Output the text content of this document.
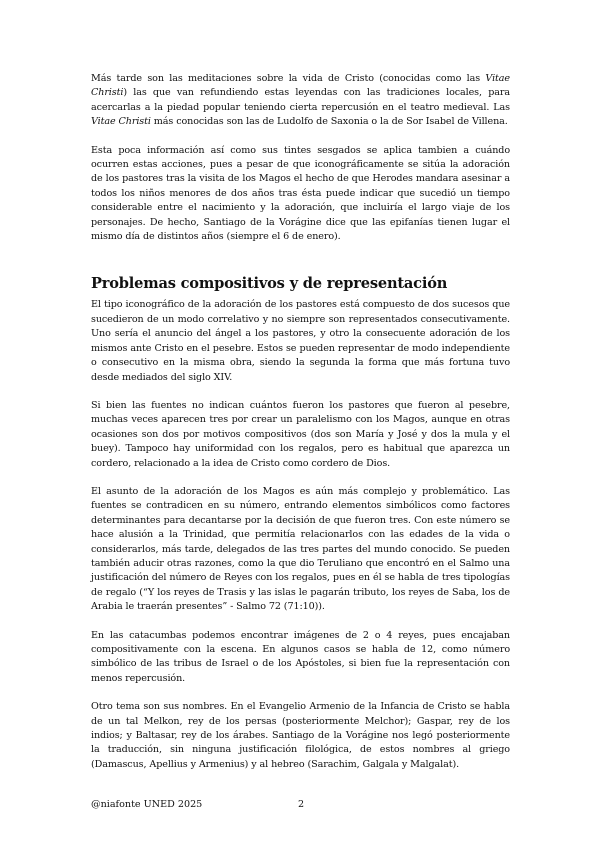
Más tarde son las meditaciones sobre la vida de Cristo (conocidas como las Vitae Christi) las que van refundiendo estas leyendas con las tradiciones locales, para acercarlas a la piedad popular teniendo cierta repercusión en el teatro medieval. Las Vitae Christi más conocidas son las de Ludolfo de Saxonia o la de Sor Isabel de Villena.

Esta poca información así como sus tintes sesgados se aplica tambien a cuándo ocurren estas acciones, pues a pesar de que iconográficamente se sitúa la adoración de los pastores tras la visita de los Magos el hecho de que Herodes mandara asesinar a todos los niños menores de dos años tras ésta puede indicar que sucedió un tiempo considerable entre el nacimiento y la adoración, que incluiría el largo viaje de los personajes. De hecho, Santiago de la Vorágine dice que las epifanías tienen lugar el mismo día de distintos años (siempre el 6 de enero).

Problemas compositivos y de representación

El tipo iconográfico de la adoración de los pastores está compuesto de dos sucesos que sucedieron de un modo correlativo y no siempre son representados consecutivamente. Uno sería el anuncio del ángel a los pastores, y otro la consecuente adoración de los mismos ante Cristo en el pesebre. Estos se pueden representar de modo independiente o consecutivo en la misma obra, siendo la segunda la forma que más fortuna tuvo desde mediados del siglo XIV.

Si bien las fuentes no indican cuántos fueron los pastores que fueron al pesebre, muchas veces aparecen tres por crear un paralelismo con los Magos, aunque en otras ocasiones son dos por motivos compositivos (dos son María y José y dos la mula y el buey). Tampoco hay uniformidad con los regalos, pero es habitual que aparezca un cordero, relacionado a la idea de Cristo como cordero de Dios.

El asunto de la adoración de los Magos es aún más complejo y problemático. Las fuentes se contradicen en su número, entrando elementos simbólicos como factores determinantes para decantarse por la decisión de que fueron tres. Con este número se hace alusión a la Trinidad, que permitía relacionarlos con las edades de la vida o considerarlos, más tarde, delegados de las tres partes del mundo conocido. Se pueden también aducir otras razones, como la que dio Teruliano que encontró en el Salmo una justificación del número de Reyes con los regalos, pues en él se habla de tres tipologías de regalo (“Y los reyes de Trasis y las islas le pagarán tributo, los reyes de Saba, los de Arabia le traerán presentes” - Salmo 72 (71:10)).

En las catacumbas podemos encontrar imágenes de 2 o 4 reyes, pues encajaban compositivamente con la escena. En algunos casos se habla de 12, como número simbólico de las tribus de Israel o de los Apóstoles, si bien fue la representación con menos repercusión.

Otro tema son sus nombres. En el Evangelio Armenio de la Infancia de Cristo se habla de un tal Melkon, rey de los persas (posteriormente Melchor); Gaspar, rey de los indios; y Baltasar, rey de los árabes. Santiago de la Vorágine nos legó posteriormente la traducción, sin ninguna justificación filológica, de estos nombres al griego (Damascus, Apellius y Armenius) y al hebreo (Sarachim, Galgala y Malgalat).

@niafonte UNED 2025	2
